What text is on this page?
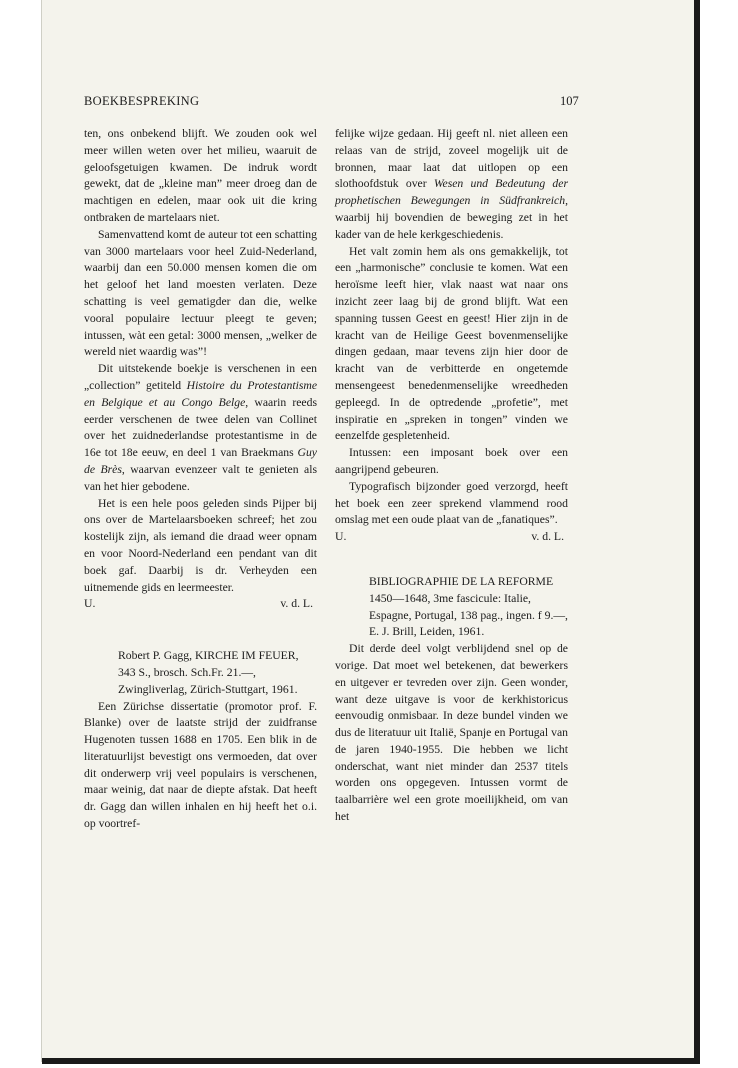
BOEKBESPREKING	107

ten, ons onbekend blijft. We zouden ook wel meer willen weten over het milieu, waaruit de geloofsgetuigen kwamen. De indruk wordt gewekt, dat de „kleine man” meer droeg dan de machtigen en edelen, maar ook uit die kring ontbraken de martelaars niet.

Samenvattend komt de auteur tot een schatting van 3000 martelaars voor heel Zuid-Nederland, waarbij dan een 50.000 mensen komen die om het geloof het land moesten verlaten. Deze schatting is veel gematigder dan die, welke vooral populaire lectuur pleegt te geven; intussen, wàt een getal: 3000 mensen, „welker de wereld niet waardig was”!

Dit uitstekende boekje is verschenen in een „collection” getiteld Histoire du Protestantisme en Belgique et au Congo Belge, waarin reeds eerder verschenen de twee delen van Collinet over het zuidnederlandse protestantisme in de 16e tot 18e eeuw, en deel 1 van Braekmans Guy de Brès, waarvan evenzeer valt te genieten als van het hier gebodene.

Het is een hele poos geleden sinds Pijper bij ons over de Martelaarsboeken schreef; het zou kostelijk zijn, als iemand die draad weer opnam en voor Noord-Nederland een pendant van dit boek gaf. Daarbij is dr. Verheyden een uitnemende gids en leermeester.

U.	v. d. L.

Robert P. Gagg, KIRCHE IM FEUER, 343 S., brosch. Sch.Fr. 21.—, Zwingliverlag, Zürich-Stuttgart, 1961.

Een Zürichse dissertatie (promotor prof. F. Blanke) over de laatste strijd der zuidfranse Hugenoten tussen 1688 en 1705. Een blik in de literatuurlijst bevestigt ons vermoeden, dat over dit onderwerp vrij veel populairs is verschenen, maar weinig, dat naar de diepte afstak. Dat heeft dr. Gagg dan willen inhalen en hij heeft het o.i. op voortref-

felijke wijze gedaan. Hij geeft nl. niet alleen een relaas van de strijd, zoveel mogelijk uit de bronnen, maar laat dat uitlopen op een slothoofdstuk over Wesen und Bedeutung der prophetischen Bewegungen in Südfrankreich, waarbij hij bovendien de beweging zet in het kader van de hele kerkgeschiedenis.

Het valt zomin hem als ons gemakkelijk, tot een „harmonische” conclusie te komen. Wat een heroïsme leeft hier, vlak naast wat naar ons inzicht zeer laag bij de grond blijft. Wat een spanning tussen Geest en geest! Hier zijn in de kracht van de Heilige Geest bovenmenselijke dingen gedaan, maar tevens zijn hier door de kracht van de verbitterde en ongetemde mensengeest benedenmenselijke wreedheden gepleegd. In de optredende „profetie”, met inspiratie en „spreken in tongen” vinden we eenzelfde gespletenheid.

Intussen: een imposant boek over een aangrijpend gebeuren.

Typografisch bijzonder goed verzorgd, heeft het boek een zeer sprekend vlammend rood omslag met een oude plaat van de „fanatiques”.

U.	v. d. L.

BIBLIOGRAPHIE DE LA REFORME 1450—1648, 3me fascicule: Italie, Espagne, Portugal, 138 pag., ingen. f 9.—, E. J. Brill, Leiden, 1961.

Dit derde deel volgt verblijdend snel op de vorige. Dat moet wel betekenen, dat bewerkers en uitgever er tevreden over zijn. Geen wonder, want deze uitgave is voor de kerkhistoricus eenvoudig onmisbaar. In deze bundel vinden we dus de literatuur uit Italië, Spanje en Portugal van de jaren 1940-1955. Die hebben we licht onderschat, want niet minder dan 2537 titels worden ons opgegeven. Intussen vormt de taalbarrière wel een grote moeilijkheid, om van het
